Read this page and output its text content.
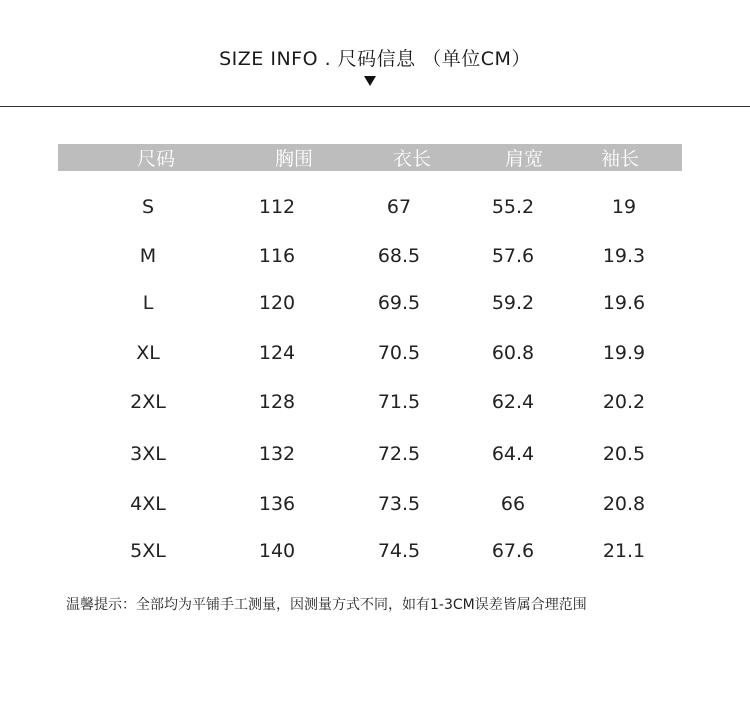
SIZE INFO . 尺码信息 （单位CM）
尺码	胸围	衣长	肩宽	袖长
S	112	67	55.2	19
M	116	68.5	57.6	19.3
L	120	69.5	59.2	19.6
XL	124	70.5	60.8	19.9
2XL	128	71.5	62.4	20.2
3XL	132	72.5	64.4	20.5
4XL	136	73.5	66	20.8
5XL	140	74.5	67.6	21.1
温馨提示：全部均为平铺手工测量，因测量方式不同，如有1-3CM误差皆属合理范围
